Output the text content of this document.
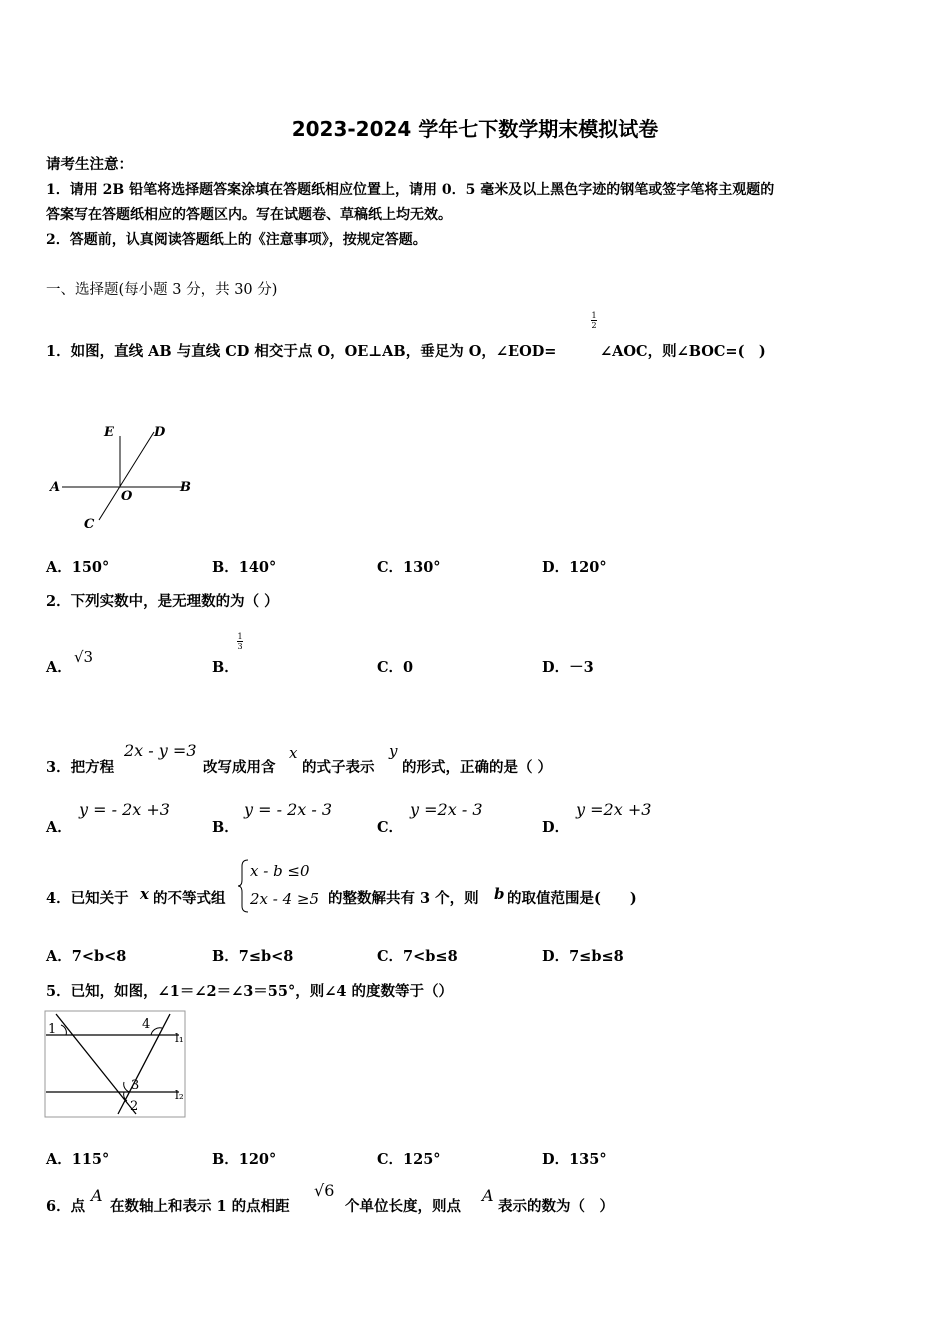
2023-2024 学年七下数学期末模拟试卷
请考生注意：
1．请用 2B 铅笔将选择题答案涂填在答题纸相应位置上，请用 0．5 毫米及以上黑色字迹的钢笔或签字笔将主观题的
答案写在答题纸相应的答题区内。写在试题卷、草稿纸上均无效。
2．答题前，认真阅读答题纸上的《注意事项》，按规定答题。
一、选择题(每小题 3 分，共 30 分)
1．如图，直线 AB 与直线 CD 相交于点 O，OE⊥AB，垂足为 O，∠EOD=
1
2
∠AOC，则∠BOC=(　)
E	D
A
O
B
C
A．150°	B．140°	C．130°	D．120°
2．下列实数中，是无理数的为（ ）
A．
√3
B．
1
3
C．0	D．－3
3．把方程
2x - y =3
改写成用含
x
的式子表示
y
的形式，正确的是（ ）
A．
y = - 2x +3
B．
y = - 2x - 3
C．
y =2x - 3
D．
y =2x +3
4．已知关于 x 的不等式组
x - b ≤0
2x - 4 ≥5 的整数解共有 3 个，则 b 的取值范围是(　　)
A．7<b<8	B．7≤b<8	C．7<b≤8	D．7≤b≤8
5．已知，如图，∠1＝∠2＝∠3＝55°，则∠4 的度数等于（）
1	4
l₁
3
2
l₂
A．115°	B．120°	C．125°	D．135°
6．点
A
在数轴上和表示 1 的点相距
√6
个单位长度，则点
A
表示的数为（　）
